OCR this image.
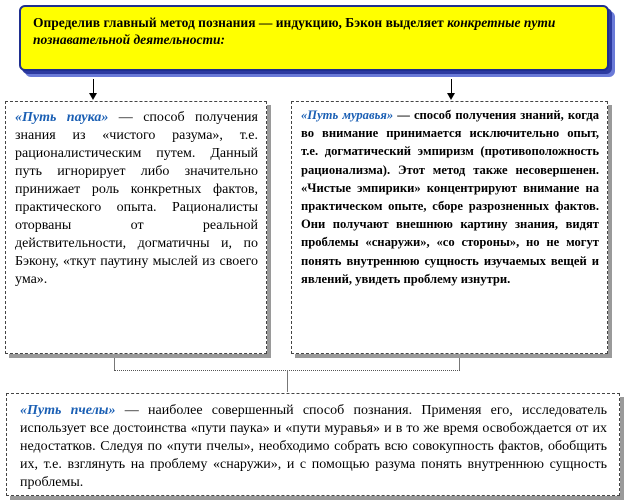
Определив главный метод познания — индукцию, Бэкон выделяет конкретные пути познавательной деятельности:
«Путь паука» — способ получения знания из «чистого разума», т.е. рационалистическим путем. Данный путь игнорирует либо значительно принижает роль конкретных фактов, практического опыта. Рационалисты оторваны от реальной действительности, догматичны и, по Бэкону, «ткут паутину мыслей из своего ума».
«Путь муравья» — способ получения знаний, когда во внимание принимается исключительно опыт, т.е. догматический эмпиризм (противоположность рационализма). Этот метод также несовершенен. «Чистые эмпирики» концентрируют внимание на практическом опыте, сборе разрозненных фактов. Они получают внешнюю картину знания, видят проблемы «снаружи», «со стороны», но не могут понять внутреннюю сущность изучаемых вещей и явлений, увидеть проблему изнутри.
«Путь пчелы» — наиболее совершенный способ познания. Применяя его, исследователь использует все достоинства «пути паука» и «пути муравья» и в то же время освобождается от их недостатков. Следуя по «пути пчелы», необходимо собрать всю совокупность фактов, обобщить их, т.е. взглянуть на проблему «снаружи», и с помощью разума понять внутреннюю сущность проблемы.
